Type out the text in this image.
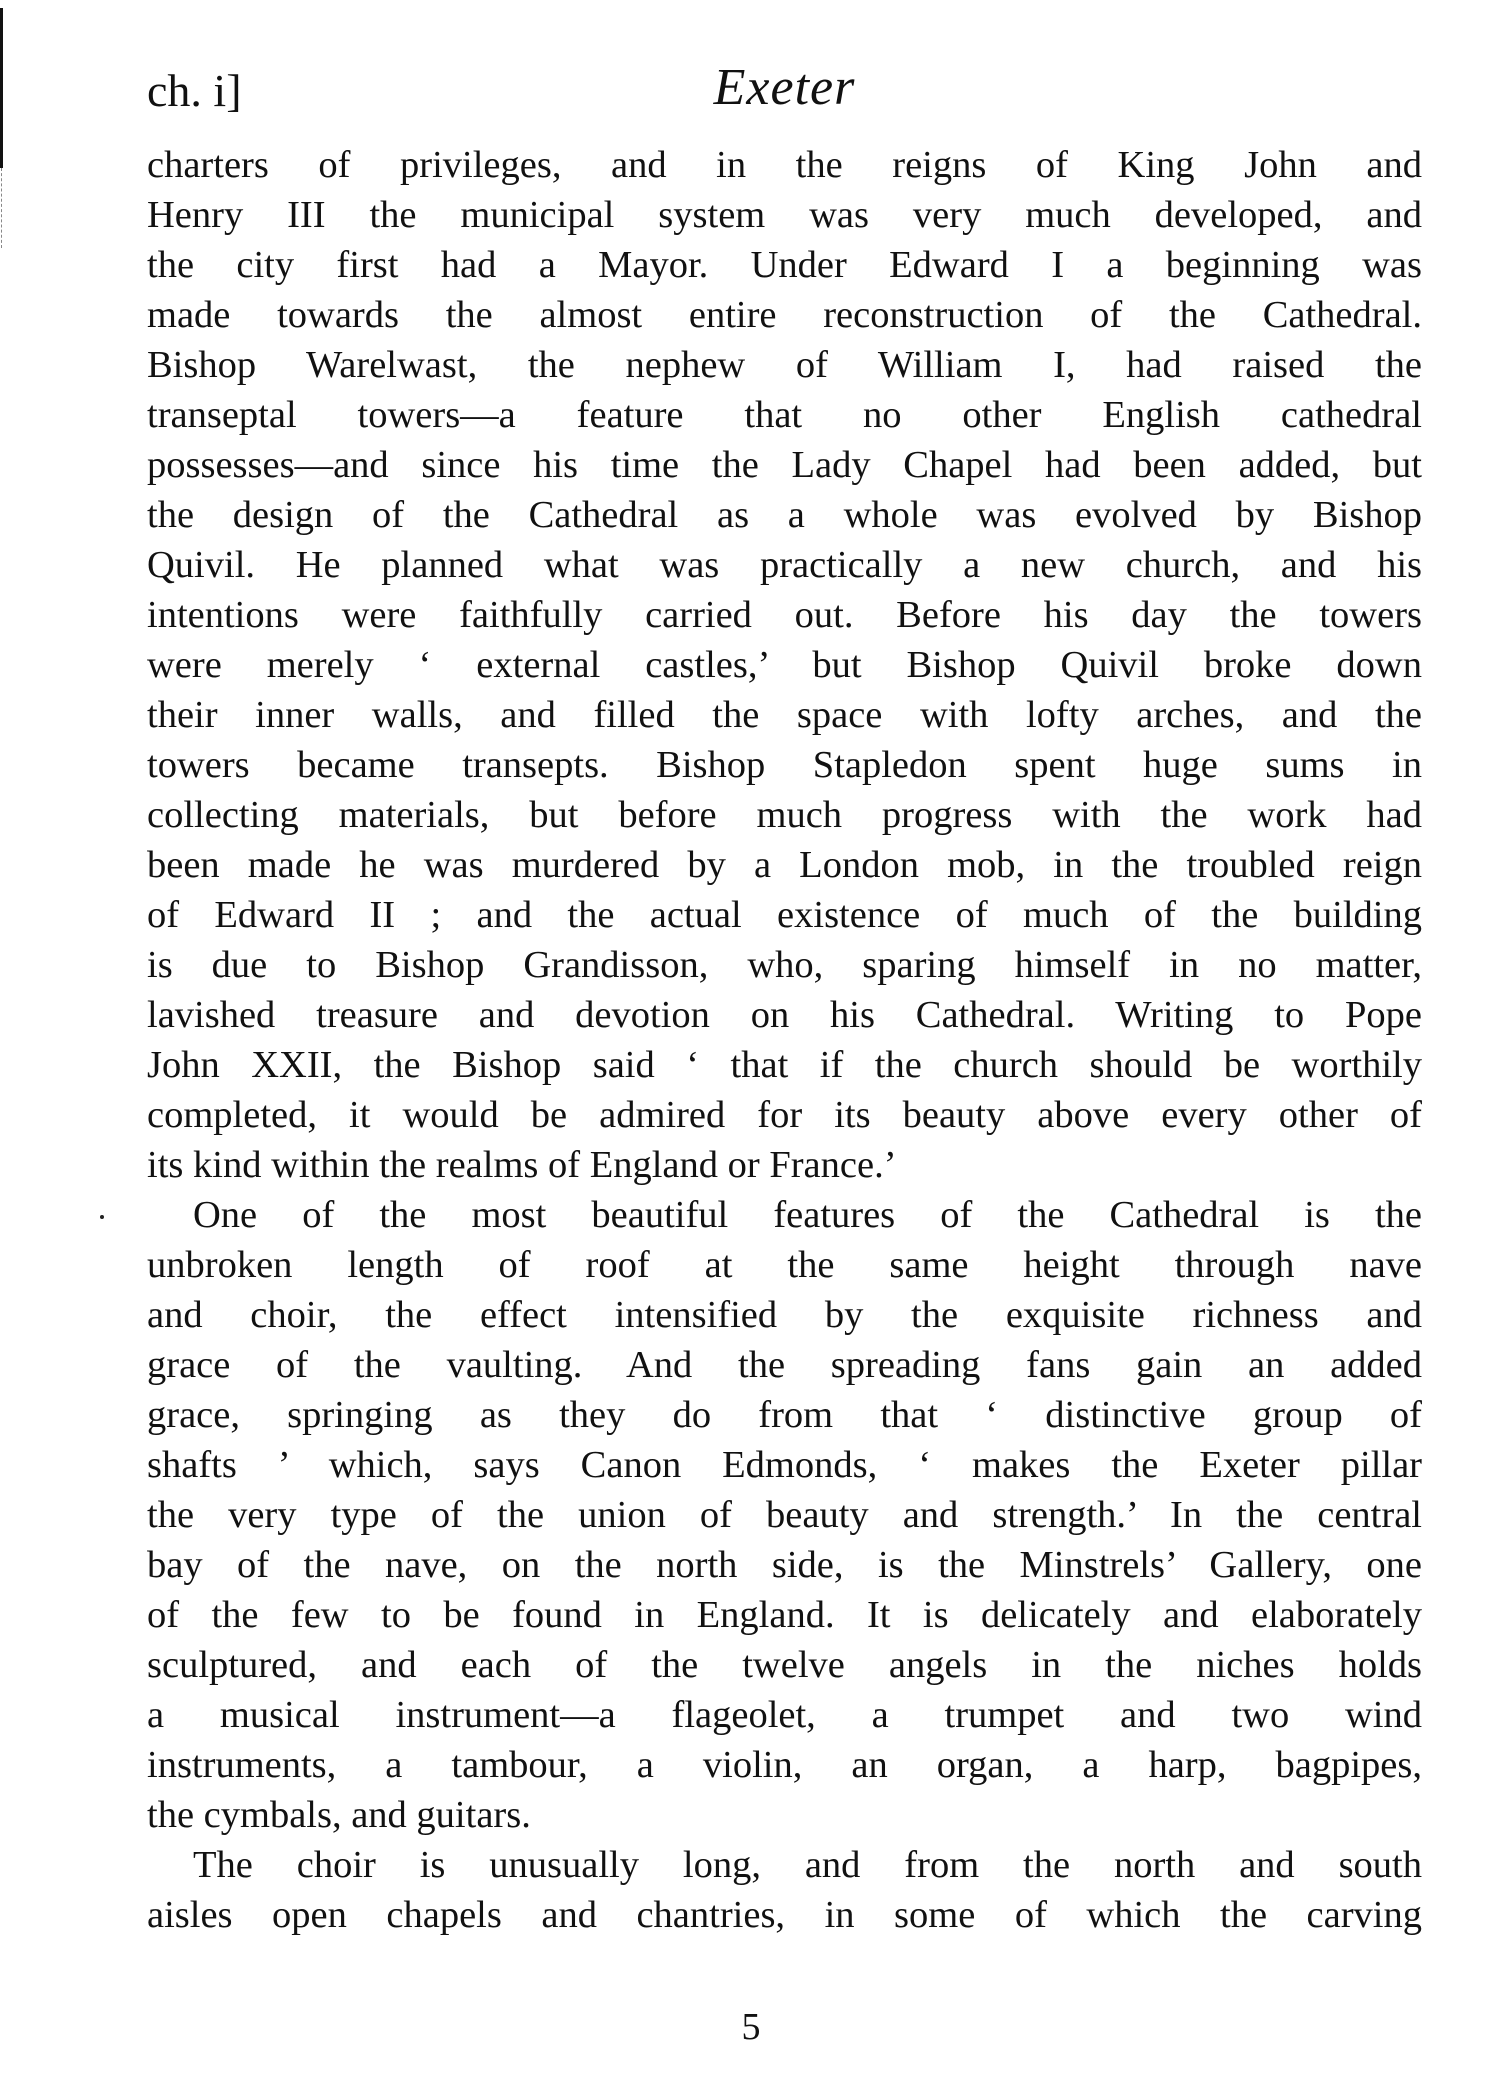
ch. i]	Exeter
charters of privileges, and in the reigns of King John and
Henry III the municipal system was very much developed, and
the city first had a Mayor. Under Edward I a beginning was
made towards the almost entire reconstruction of the Cathedral.
Bishop Warelwast, the nephew of William I, had raised the
transeptal towers—a feature that no other English cathedral
possesses—and since his time the Lady Chapel had been added, but
the design of the Cathedral as a whole was evolved by Bishop
Quivil. He planned what was practically a new church, and his
intentions were faithfully carried out. Before his day the towers
were merely ‘ external castles,’ but Bishop Quivil broke down
their inner walls, and filled the space with lofty arches, and the
towers became transepts. Bishop Stapledon spent huge sums in
collecting materials, but before much progress with the work had
been made he was murdered by a London mob, in the troubled reign
of Edward II ; and the actual existence of much of the building
is due to Bishop Grandisson, who, sparing himself in no matter,
lavished treasure and devotion on his Cathedral. Writing to Pope
John XXII, the Bishop said ‘ that if the church should be worthily
completed, it would be admired for its beauty above every other of
its kind within the realms of England or France.’
One of the most beautiful features of the Cathedral is the
unbroken length of roof at the same height through nave
and choir, the effect intensified by the exquisite richness and
grace of the vaulting. And the spreading fans gain an added
grace, springing as they do from that ‘ distinctive group of
shafts ’ which, says Canon Edmonds, ‘ makes the Exeter pillar
the very type of the union of beauty and strength.’ In the central
bay of the nave, on the north side, is the Minstrels’ Gallery, one
of the few to be found in England. It is delicately and elaborately
sculptured, and each of the twelve angels in the niches holds
a musical instrument—a flageolet, a trumpet and two wind
instruments, a tambour, a violin, an organ, a harp, bagpipes,
the cymbals, and guitars.
The choir is unusually long, and from the north and south
aisles open chapels and chantries, in some of which the carving
5
